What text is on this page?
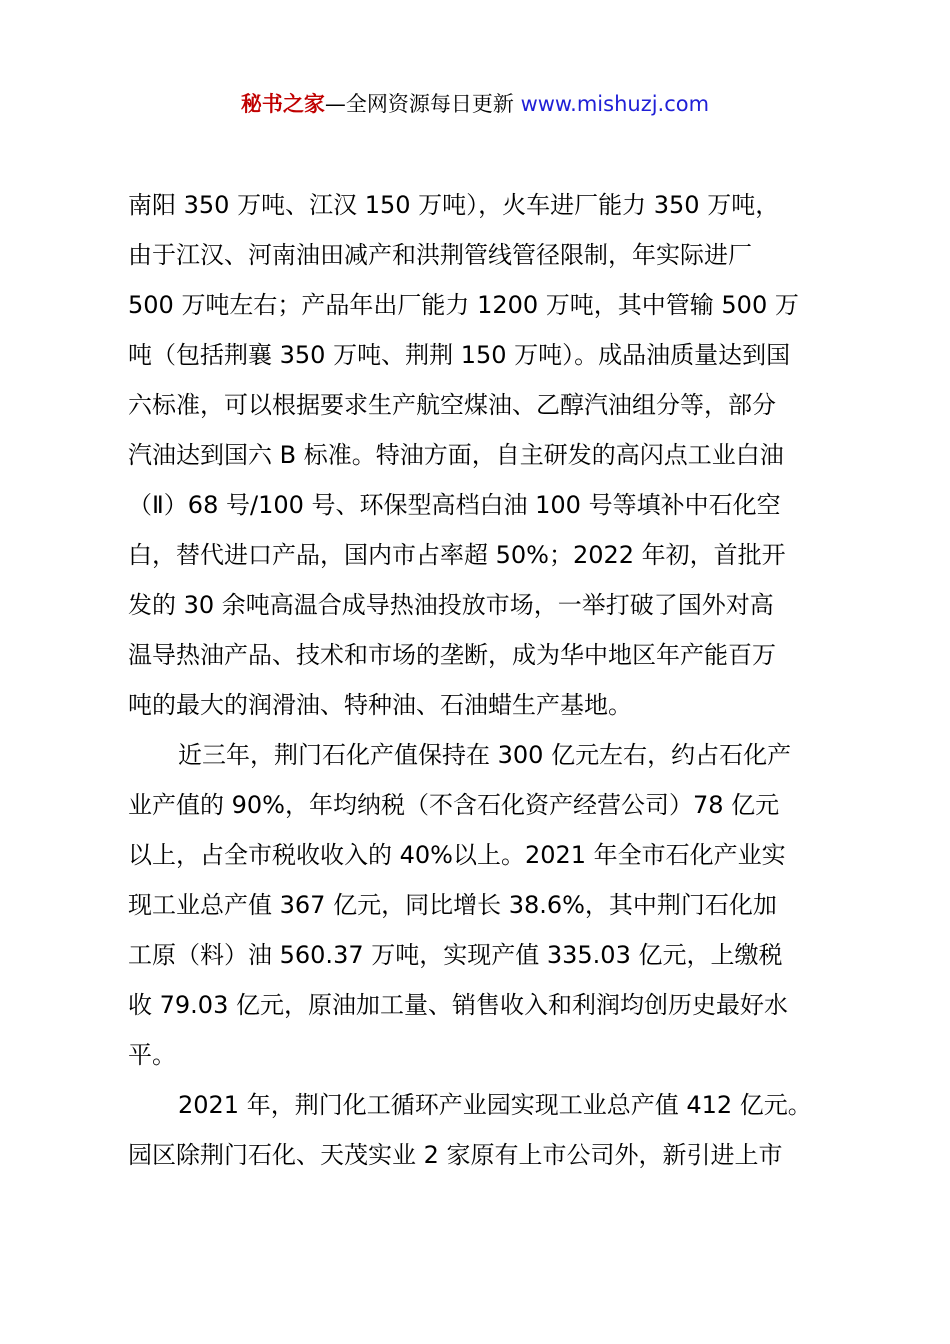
秘书之家—全网资源每日更新 www.mishuzj.com
南阳 350 万吨、江汉 150 万吨），火车进厂能力 350 万吨，
由于江汉、河南油田减产和洪荆管线管径限制，年实际进厂
500 万吨左右；产品年出厂能力 1200 万吨，其中管输 500 万
吨（包括荆襄 350 万吨、荆荆 150 万吨）。成品油质量达到国
六标准，可以根据要求生产航空煤油、乙醇汽油组分等，部分
汽油达到国六 B 标准。特油方面，自主研发的高闪点工业白油
（Ⅱ）68 号/100 号、环保型高档白油 100 号等填补中石化空
白，替代进口产品，国内市占率超 50%；2022 年初，首批开
发的 30 余吨高温合成导热油投放市场，一举打破了国外对高
温导热油产品、技术和市场的垄断，成为华中地区年产能百万
吨的最大的润滑油、特种油、石油蜡生产基地。
近三年，荆门石化产值保持在 300 亿元左右，约占石化产
业产值的 90%，年均纳税（不含石化资产经营公司）78 亿元
以上，占全市税收收入的 40%以上。2021 年全市石化产业实
现工业总产值 367 亿元，同比增长 38.6%，其中荆门石化加
工原（料）油 560.37 万吨，实现产值 335.03 亿元，上缴税
收 79.03 亿元，原油加工量、销售收入和利润均创历史最好水
平。
2021 年，荆门化工循环产业园实现工业总产值 412 亿元。
园区除荆门石化、天茂实业 2 家原有上市公司外，新引进上市
